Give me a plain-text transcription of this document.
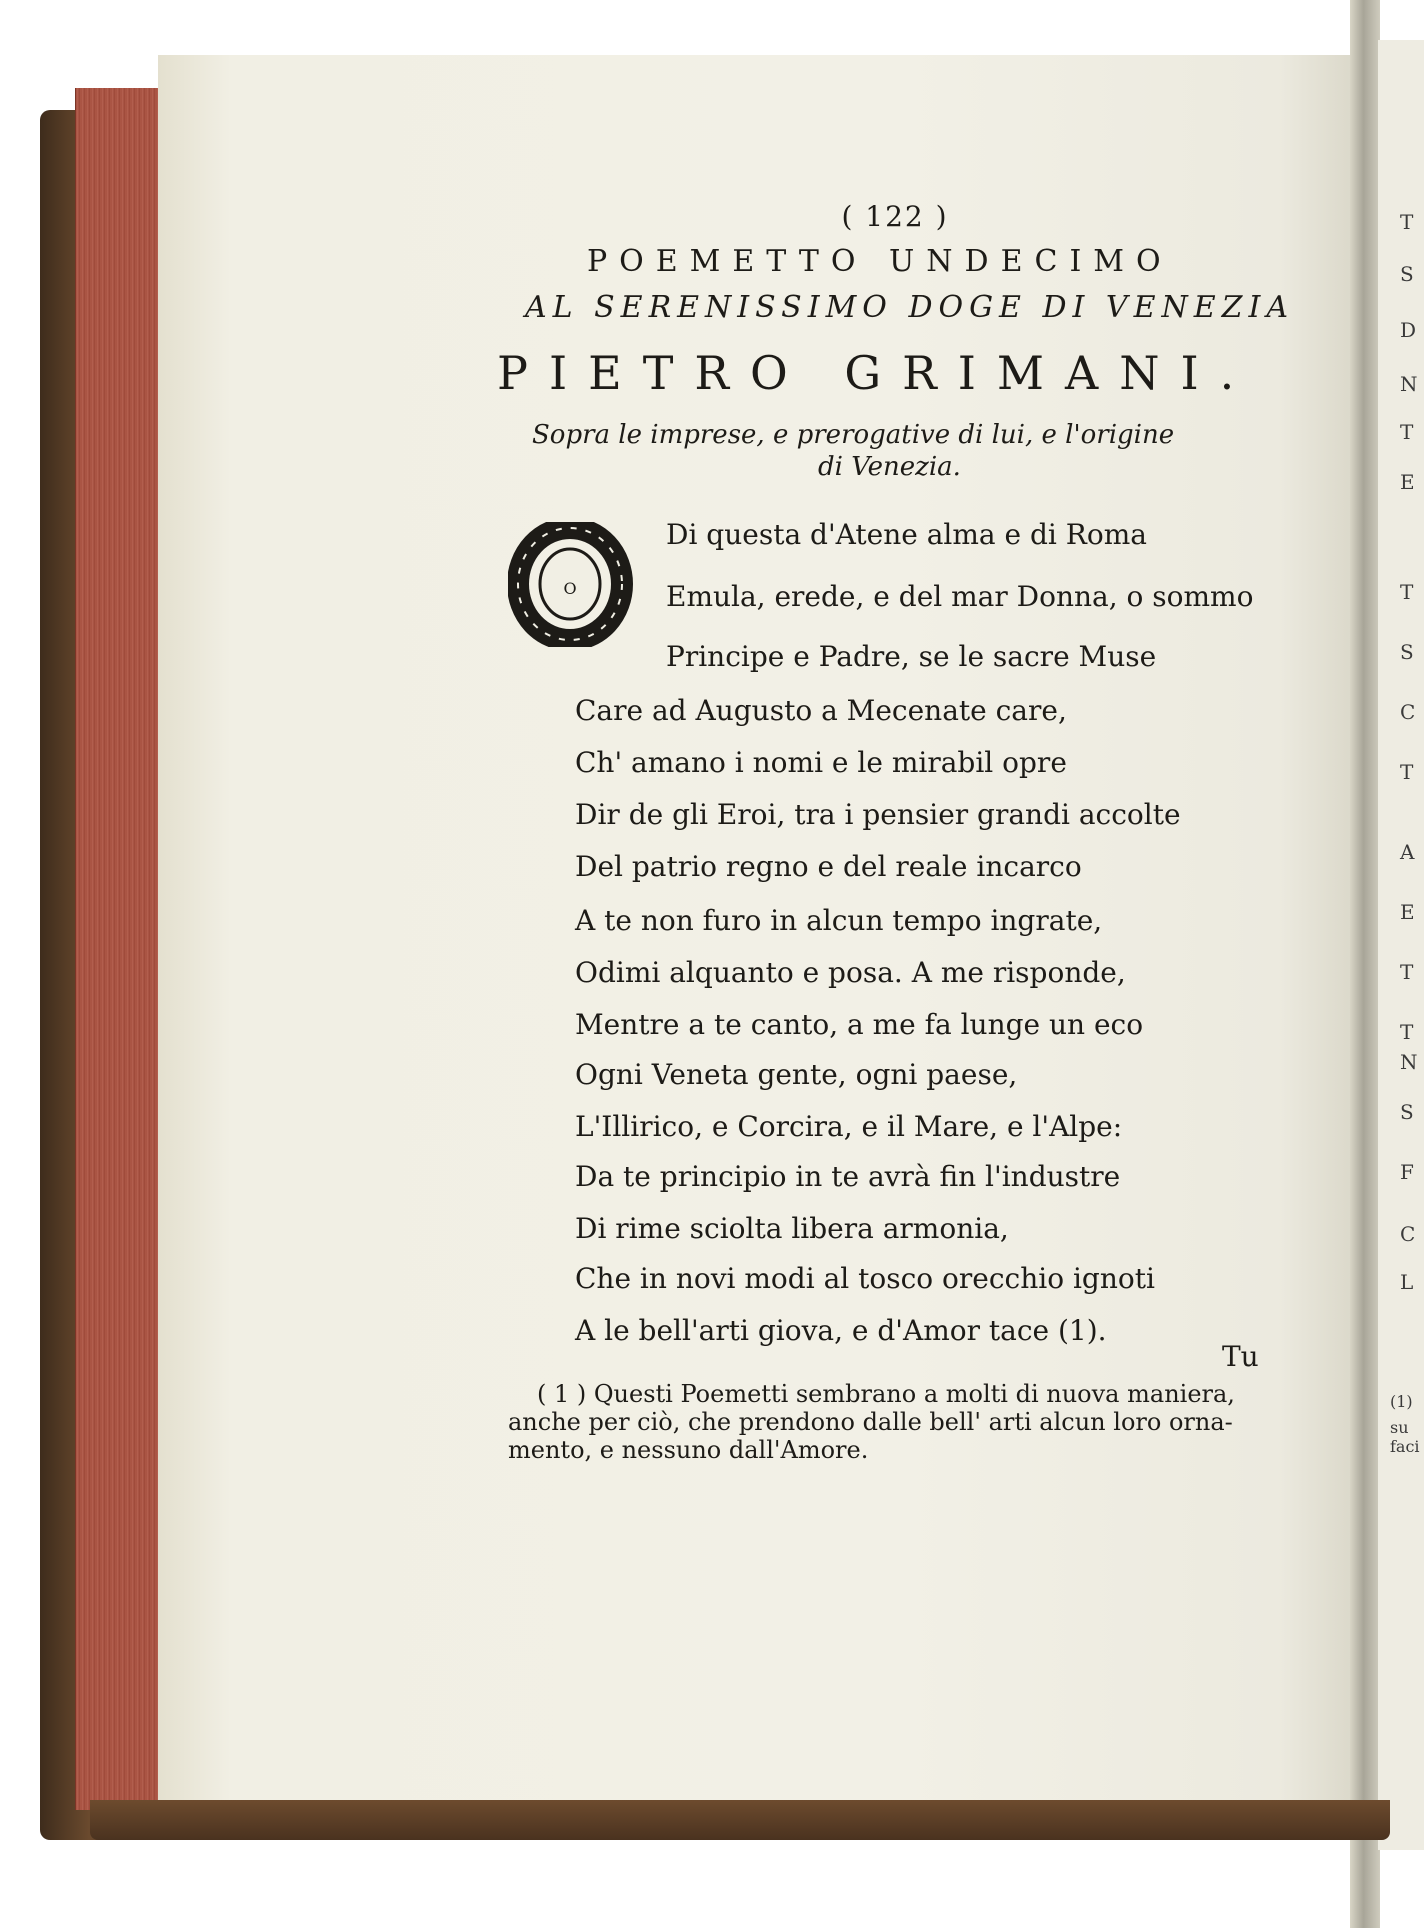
( 122 )
POEMETTO UNDECIMO
AL SERENISSIMO DOGE DI VENEZIA
PIETRO GRIMANI.
Sopra le imprese, e prerogative di lui, e l'origine
di Venezia.
O
Di questa d'Atene alma e di Roma
Emula, erede, e del mar Donna, o sommo
Principe e Padre, se le sacre Muse
Care ad Augusto a Mecenate care,
Ch' amano i nomi e le mirabil opre
Dir de gli Eroi, tra i pensier grandi accolte
Del patrio regno e del reale incarco
A te non furo in alcun tempo ingrate,
Odimi alquanto e posa. A me risponde,
Mentre a te canto, a me fa lunge un eco
Ogni Veneta gente, ogni paese,
L'Illirico, e Corcira, e il Mare, e l'Alpe:
Da te principio in te avrà fin l'industre
Di rime sciolta libera armonia,
Che in novi modi al tosco orecchio ignoti
A le bell'arti giova, e d'Amor tace (1).
Tu
( 1 ) Questi Poemetti sembrano a molti di nuova maniera,
anche per ciò, che prendono dalle bell' arti alcun loro orna-
mento, e nessuno dall'Amore.
T
S
D
N
T
E
T
S
C
T
A
E
T
T
N
S
F
C
L
(1)
su faci
